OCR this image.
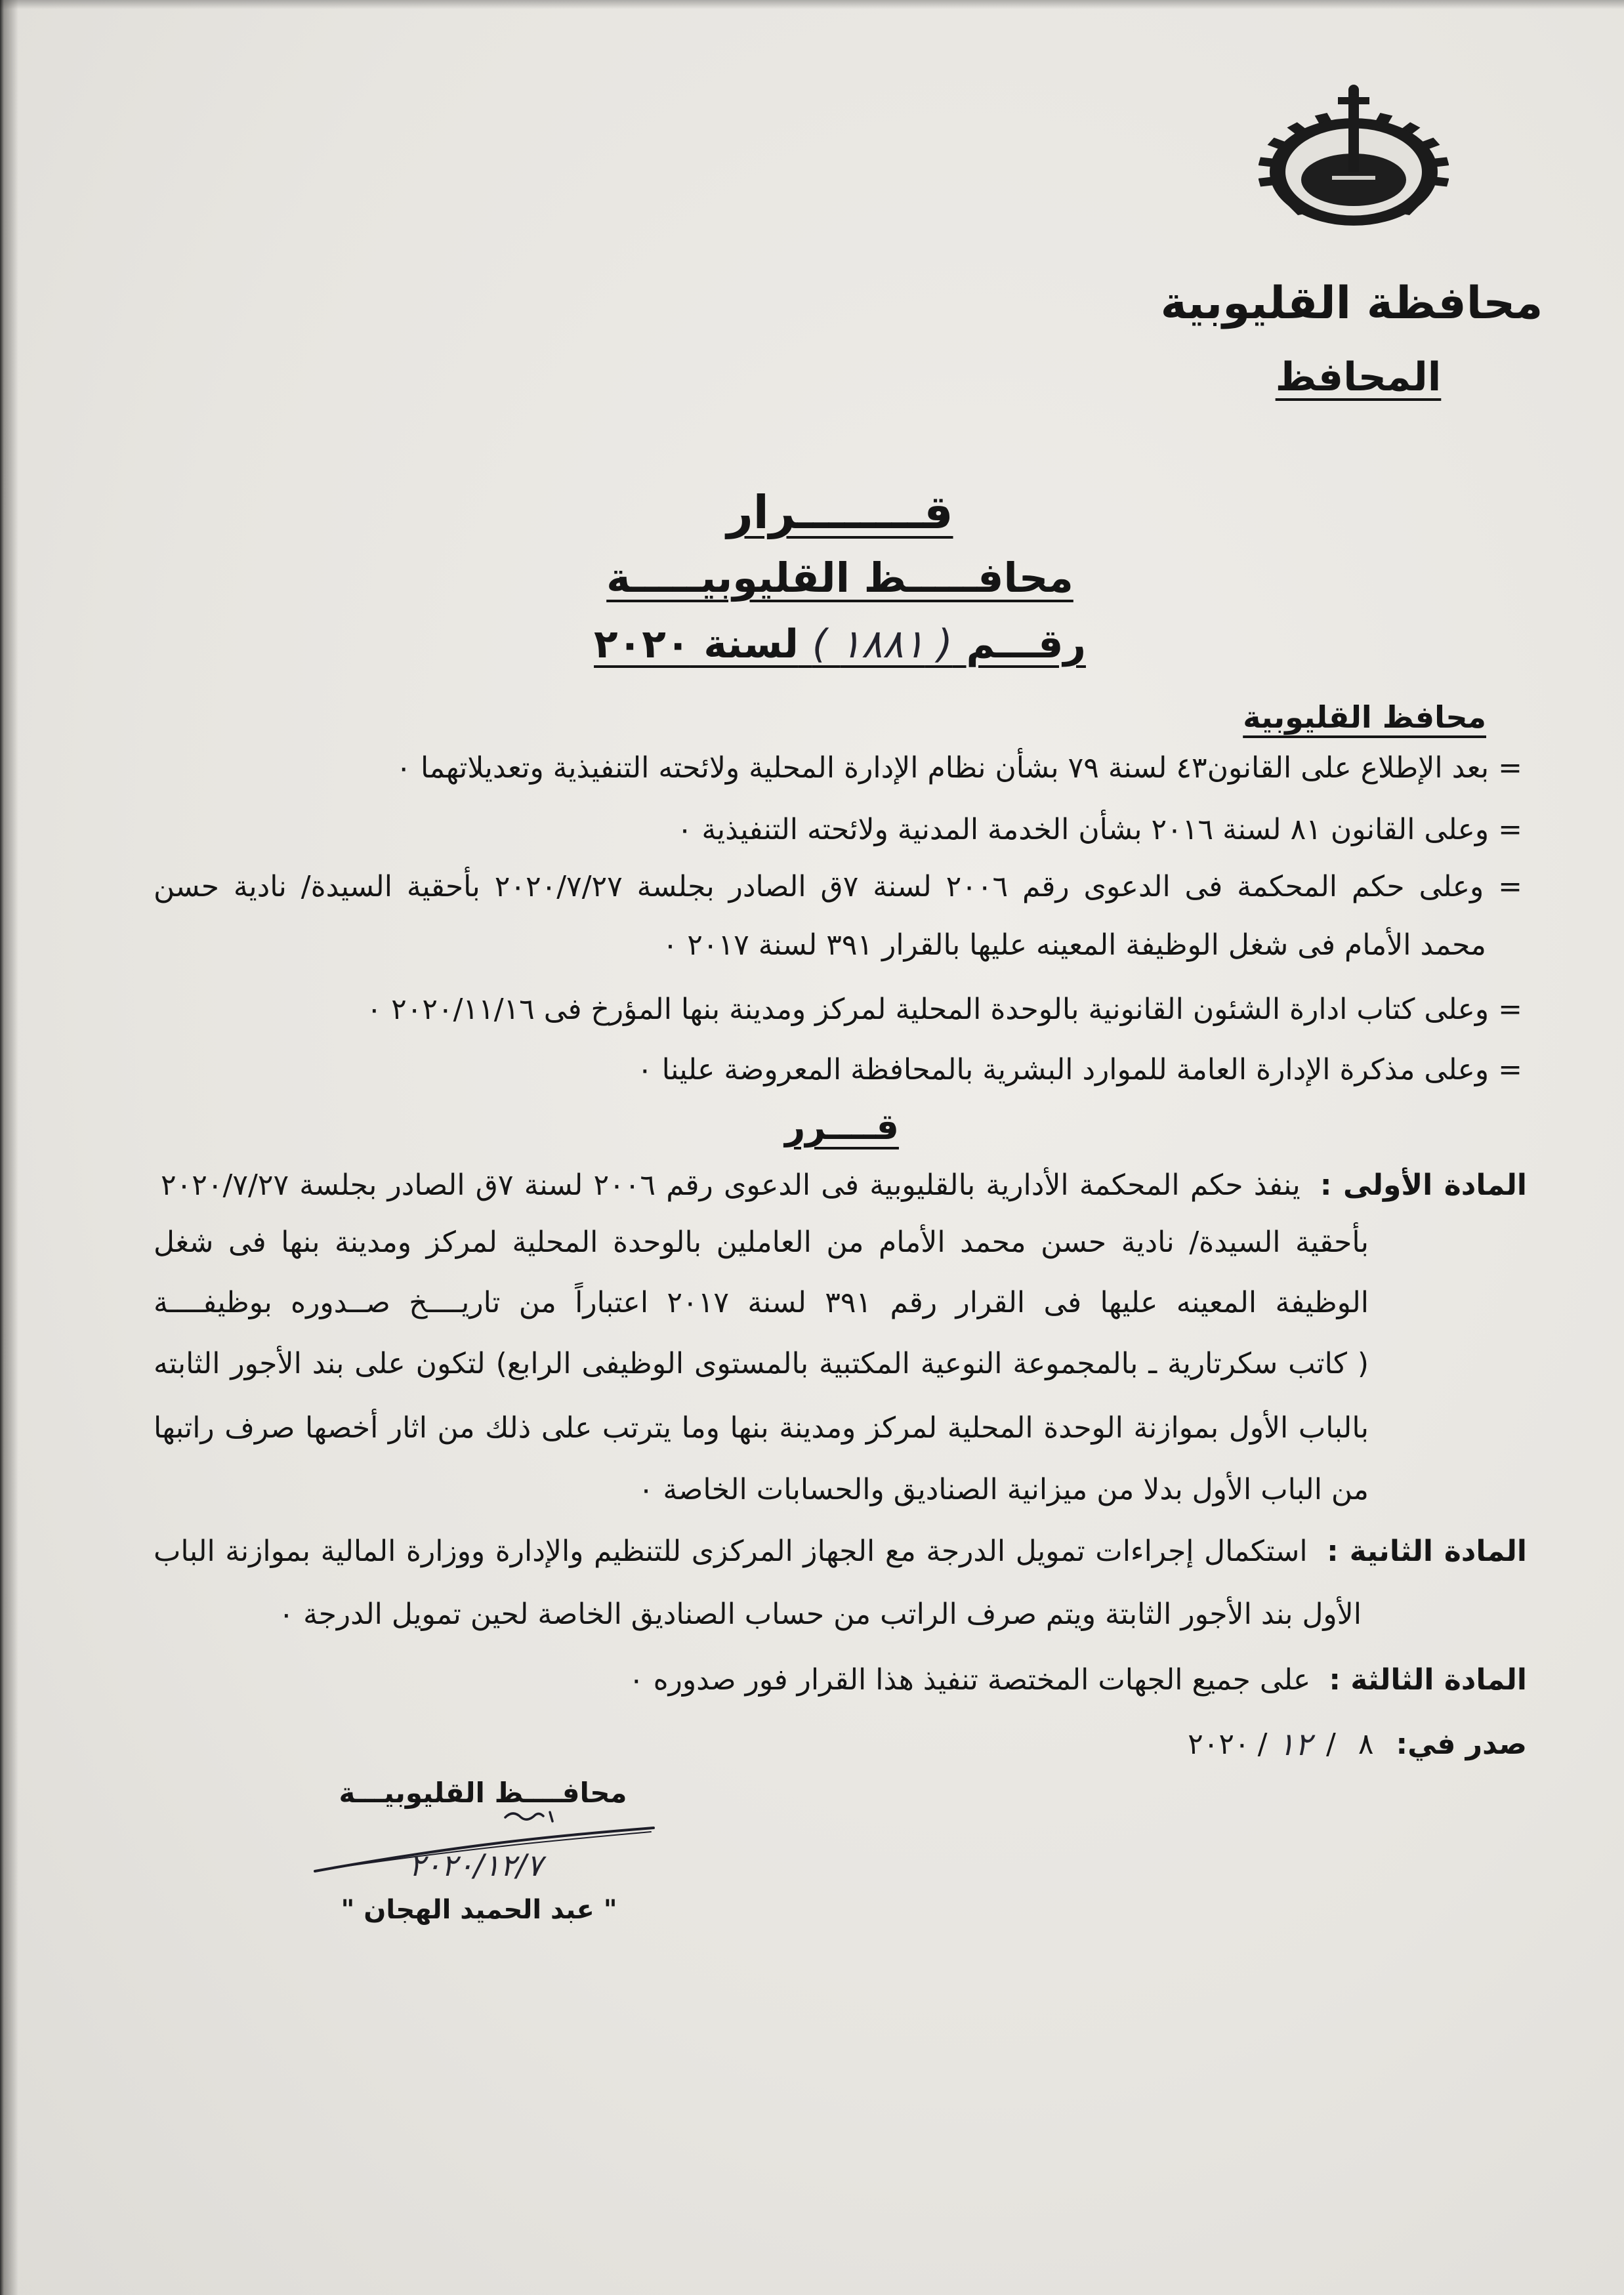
محافظة القليوبية
المحافظ
قــــــــرار
محافـــــظ القليوبيـــــة
رقـــم ( ١٨٨١ ) لسنة ٢٠٢٠
محافظ القليوبية
= بعد الإطلاع على القانون٤٣ لسنة ٧٩ بشأن نظام الإدارة المحلية ولائحته التنفيذية وتعديلاتهما ٠
= وعلى القانون ٨١ لسنة ٢٠١٦ بشأن الخدمة المدنية ولائحته التنفيذية ٠
= وعلى حكم المحكمة فى الدعوى رقم ٢٠٠٦ لسنة ٧ق الصادر بجلسة ٢٠٢٠/٧/٢٧ بأحقية السيدة/ نادية حسن
محمد الأمام فى شغل الوظيفة المعينه عليها بالقرار ٣٩١ لسنة ٢٠١٧ ٠
= وعلى كتاب ادارة الشئون القانونية بالوحدة المحلية لمركز ومدينة بنها المؤرخ فى ٢٠٢٠/١١/١٦ ٠
= وعلى مذكرة الإدارة العامة للموارد البشرية بالمحافظة المعروضة علينا ٠
قــــرر
المادة الأولى : ينفذ حكم المحكمة الأدارية بالقليوبية فى الدعوى رقم ٢٠٠٦ لسنة ٧ق الصادر بجلسة ٢٠٢٠/٧/٢٧
بأحقية السيدة/ نادية حسن محمد الأمام من العاملين بالوحدة المحلية لمركز ومدينة بنها فى شغل
الوظيفة المعينه عليها فى القرار رقم ٣٩١ لسنة ٢٠١٧ اعتباراً من تاريــــخ صــدوره بوظيفــــة
( كاتب سكرتارية ـ بالمجموعة النوعية المكتبية بالمستوى الوظيفى الرابع) لتكون على بند الأجور الثابته
بالباب الأول بموازنة الوحدة المحلية لمركز ومدينة بنها وما يترتب على ذلك من اثار أخصها صرف راتبها
من الباب الأول بدلا من ميزانية الصناديق والحسابات الخاصة ٠
المادة الثانية : استكمال إجراءات تمويل الدرجة مع الجهاز المركزى للتنظيم والإدارة ووزارة المالية بموازنة الباب
الأول بند الأجور الثابتة ويتم صرف الراتب من حساب الصناديق الخاصة لحين تمويل الدرجة ٠
المادة الثالثة : على جميع الجهات المختصة تنفيذ هذا القرار فور صدوره ٠
صدر في:
٨
/
١٢
/
٢٠٢٠
محافــــظ القليوبيـــة
٢٠٢٠/١٢/٧
" عبد الحميد الهجان "
